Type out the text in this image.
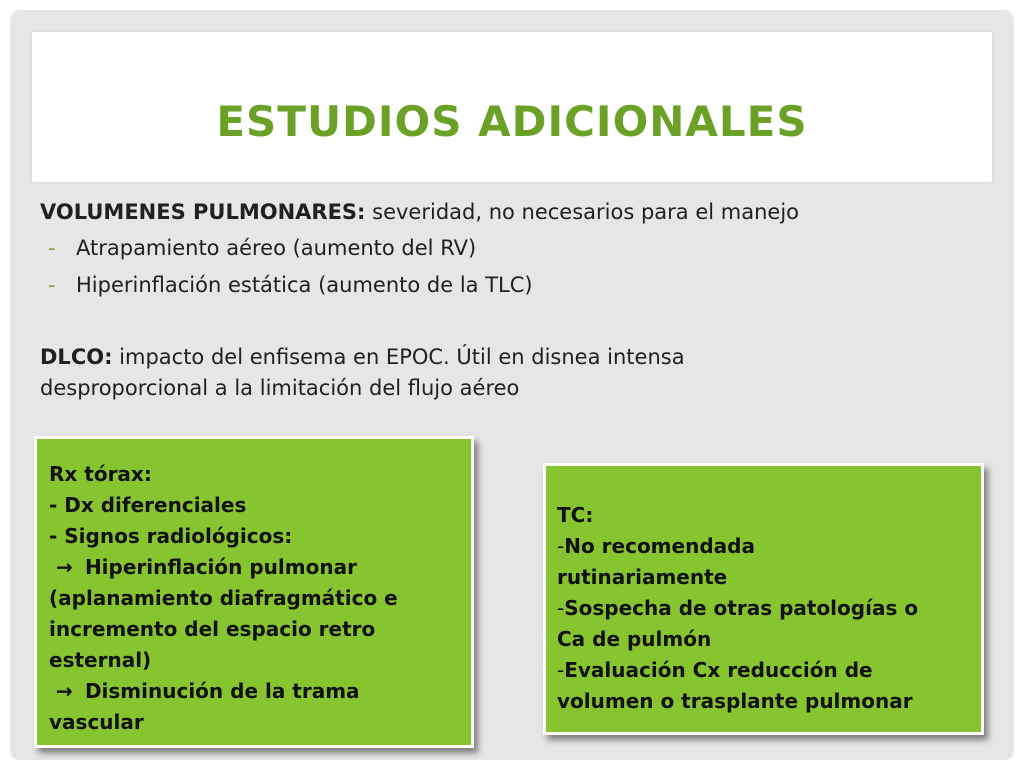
ESTUDIOS ADICIONALES
VOLUMENES PULMONARES: severidad, no necesarios para el manejo
- Atrapamiento aéreo (aumento del RV)
- Hiperinflación estática (aumento de la TLC)
DLCO: impacto del enfisema en EPOC. Útil en disnea intensa
desproporcional a la limitación del flujo aéreo
Rx tórax:
- Dx diferenciales
- Signos radiológicos:
→ Hiperinflación pulmonar
(aplanamiento diafragmático e
incremento del espacio retro
esternal)
→ Disminución de la trama
vascular
TC:
-No recomendada
rutinariamente
-Sospecha de otras patologías o
Ca de pulmón
-Evaluación Cx reducción de
volumen o trasplante pulmonar
